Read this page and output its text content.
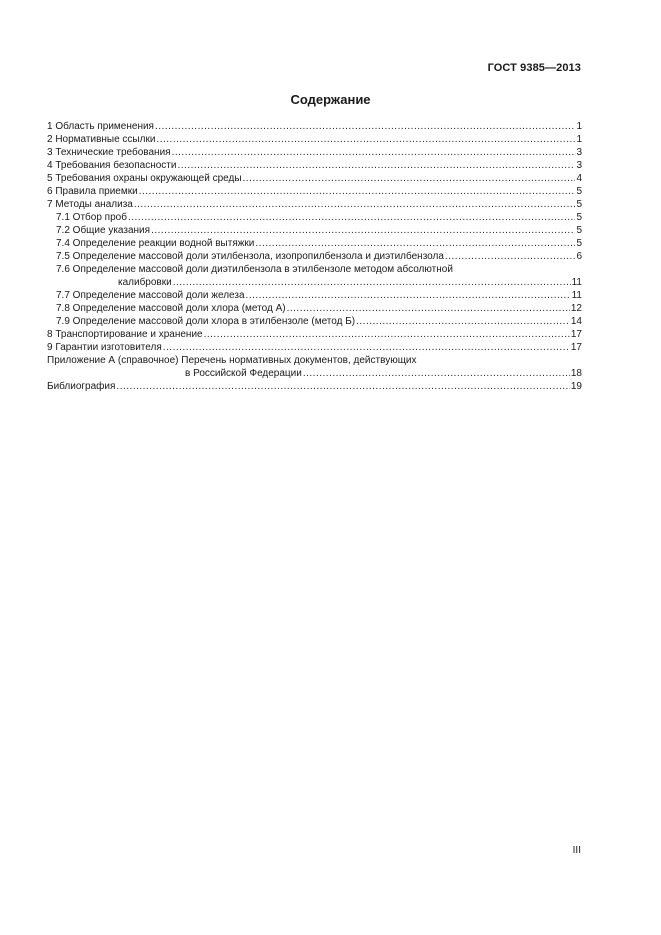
ГОСТ 9385—2013
Содержание
1 Область применения .....	1
2 Нормативные ссылки .....	1
3 Технические требования .....	3
4 Требования безопасности .....	3
5 Требования охраны окружающей среды .....	4
6 Правила приемки .....	5
7 Методы анализа .....	5
7.1 Отбор проб .....	5
7.2 Общие указания .....	5
7.4 Определение реакции водной вытяжки .....	5
7.5 Определение массовой доли этилбензола, изопропилбензола и диэтилбензола .....	6
7.6 Определение массовой доли диэтилбензола в этилбензоле методом абсолютной
калибровки .....	11
7.7 Определение массовой доли железа .....	11
7.8 Определение массовой доли хлора (метод А) .....	12
7.9 Определение массовой доли хлора в этилбензоле (метод Б) .....	14
8 Транспортирование и хранение .....	17
9 Гарантии изготовителя .....	17
Приложение А (справочное) Перечень нормативных документов, действующих
в Российской Федерации .....	18
Библиография .....	19
III
